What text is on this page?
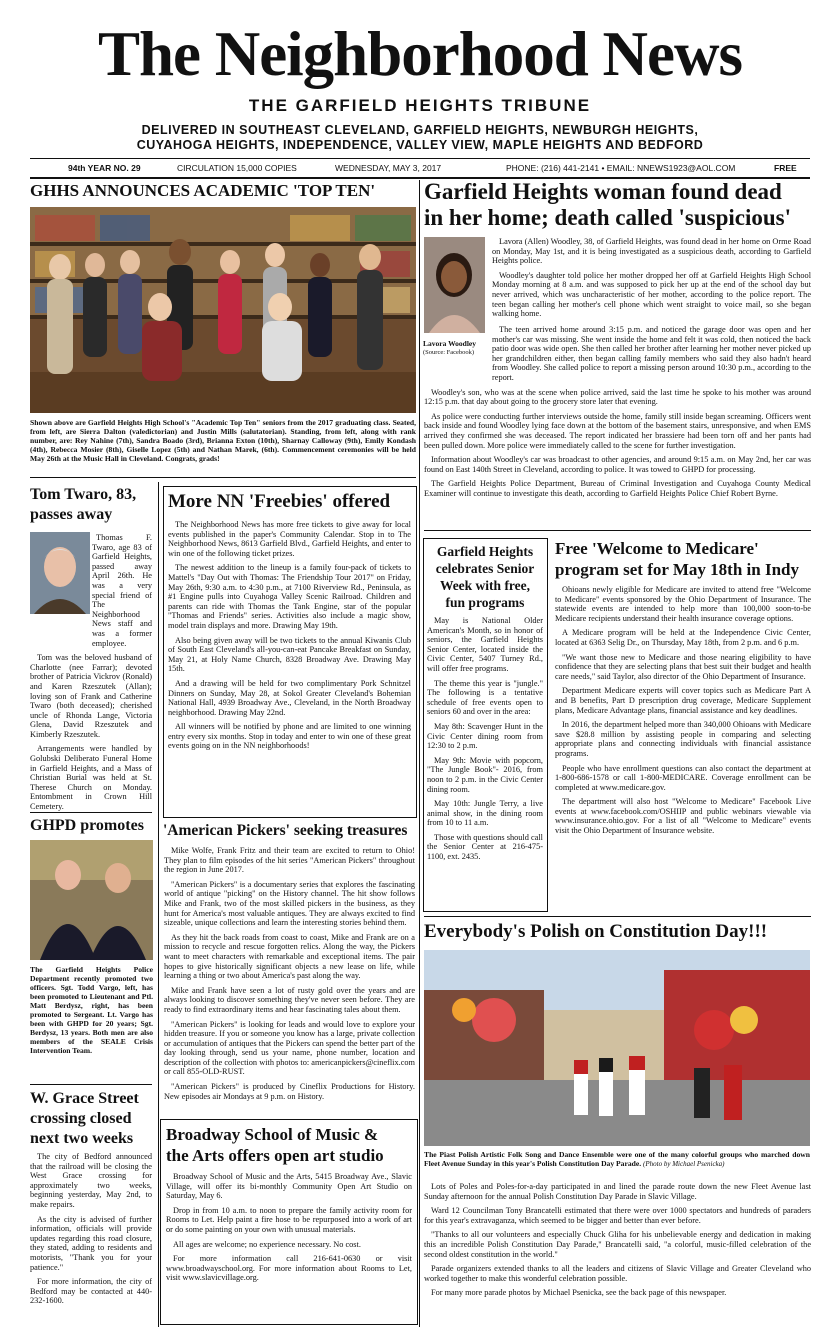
The Neighborhood News
THE GARFIELD HEIGHTS TRIBUNE
DELIVERED IN SOUTHEAST CLEVELAND, GARFIELD HEIGHTS, NEWBURGH HEIGHTS,
CUYAHOGA HEIGHTS, INDEPENDENCE, VALLEY VIEW, MAPLE HEIGHTS AND BEDFORD
94th YEAR NO. 29	CIRCULATION 15,000 COPIES	WEDNESDAY, MAY 3, 2017	PHONE: (216) 441-2141 • EMAIL: NNEWS1923@AOL.COM	FREE
GHHS ANNOUNCES ACADEMIC 'TOP TEN'
Shown above are Garfield Heights High School's "Academic Top Ten" seniors from the 2017 graduating class. Seated, from left, are Sierra Dalton (valedictorian) and Justin Mills (salutatorian). Standing, from left, along with rank number, are: Rey Nahine (7th), Sandra Boado (3rd), Brianna Exton (10th), Sharnay Calloway (9th), Emily Kondash (4th), Rebecca Mosier (8th), Giselle Lopez (5th) and Nathan Marek, (6th). Commencement ceremonies will be held May 26th at the Music Hall in Cleveland. Congrats, grads!
Garfield Heights woman found dead
in her home; death called 'suspicious'
Lavora Woodley
(Source: Facebook)

Lavora (Allen) Woodley, 38, of Garfield Heights, was found dead in her home on Orme Road on Monday, May 1st, and it is being investigated as a suspicious death, according to Garfield Heights police.

Woodley's daughter told police her mother dropped her off at Garfield Heights High School Monday morning at 8 a.m. and was supposed to pick her up at the end of the school day but never arrived, which was uncharacteristic of her mother, according to the police report. The teen began calling her mother's cell phone which went straight to voice mail, so she began walking home.

The teen arrived home around 3:15 p.m. and noticed the garage door was open and her mother's car was missing. She went inside the home and felt it was cold, then noticed the back patio door was wide open. She then called her brother after learning her mother never picked up her grandchildren either, then began calling family members who said they also hadn't heard from Woodley. She called police to report a missing person around 10:30 p.m., according to the report.

Woodley's son, who was at the scene when police arrived, said the last time he spoke to his mother was around 12:15 p.m. that day about going to the grocery store later that evening.

As police were conducting further interviews outside the home, family still inside began screaming. Officers went back inside and found Woodley lying face down at the bottom of the basement stairs, unresponsive, and when EMS arrived they confirmed she was deceased. The report indicated her brassiere had been torn off and her pants had been pulled down. More police were immediately called to the scene for further investigation.

Information about Woodley's car was broadcast to other agencies, and around 9:15 a.m. on May 2nd, her car was found on East 140th Street in Cleveland, according to police. It was towed to GHPD for processing.

The Garfield Heights Police Department, Bureau of Criminal Investigation and Cuyahoga County Medical Examiner will continue to investigate this death, according to Garfield Heights Police Chief Robert Byrne.

Tom Twaro, 83,
passes away

Thomas F. Twaro, age 83 of Garfield Heights, passed away April 26th. He was a very special friend of The Neighborhood News staff and was a former employee.

Tom was the beloved husband of Charlotte (nee Farrar); devoted brother of Patricia Vickrov (Ronald) and Karen Rzeszutek (Allan); loving son of Frank and Catherine Twaro (both deceased); cherished uncle of Rhonda Lange, Victoria Glena, David Rzeszutek and Kimberly Rzeszutek.

Arrangements were handled by Golubski Deliberato Funeral Home in Garfield Heights, and a Mass of Christian Burial was held at St. Therese Church on Monday. Entombment in Crown Hill Cemetery.

GHPD promotes
The Garfield Heights Police Department recently promoted two officers. Sgt. Todd Vargo, left, has been promoted to Lieutenant and Ptl. Matt Berdysz, right, has been promoted to Sergeant. Lt. Vargo has been with GHPD for 20 years; Sgt. Berdysz, 13 years. Both men are also members of the SEALE Crisis Intervention Team.
W. Grace Street
crossing closed
next two weeks

The city of Bedford announced that the railroad will be closing the West Grace crossing for approximately two weeks, beginning yesterday, May 2nd, to make repairs.

As the city is advised of further information, officials will provide updates regarding this road closure, they stated, adding to residents and motorists, "Thank you for your patience."

For more information, the city of Bedford may be contacted at 440-232-1600.

More NN 'Freebies' offered

The Neighborhood News has more free tickets to give away for local events published in the paper's Community Calendar. Stop in to The Neighborhood News, 8613 Garfield Blvd., Garfield Heights, and enter to win one of the following ticket prizes.

The newest addition to the lineup is a family four-pack of tickets to Mattel's "Day Out with Thomas: The Friendship Tour 2017" on Friday, May 26th, 9:30 a.m. to 4:30 p.m., at 7100 Riverview Rd., Peninsula, as #1 Engine pulls into Cuyahoga Valley Scenic Railroad. Children and parents can ride with Thomas the Tank Engine, star of the popular "Thomas and Friends" series. Activities also include a magic show, model train displays and more. Drawing May 19th.

Also being given away will be two tickets to the annual Kiwanis Club of South East Cleveland's all-you-can-eat Pancake Breakfast on Sunday, May 21, at Holy Name Church, 8328 Broadway Ave. Drawing May 15th.

And a drawing will be held for two complimentary Pork Schnitzel Dinners on Sunday, May 28, at Sokol Greater Cleveland's Bohemian National Hall, 4939 Broadway Ave., Cleveland, in the North Broadway neighborhood. Drawing May 22nd.

All winners will be notified by phone and are limited to one winning entry every six months. Stop in today and enter to win one of these great events going on in the NN neighborhoods!

'American Pickers' seeking treasures

Mike Wolfe, Frank Fritz and their team are excited to return to Ohio! They plan to film episodes of the hit series "American Pickers" throughout the region in June 2017.

"American Pickers" is a documentary series that explores the fascinating world of antique "picking" on the History channel. The hit show follows Mike and Frank, two of the most skilled pickers in the business, as they hunt for America's most valuable antiques. They are always excited to find sizeable, unique collections and learn the interesting stories behind them.

As they hit the back roads from coast to coast, Mike and Frank are on a mission to recycle and rescue forgotten relics. Along the way, the Pickers want to meet characters with remarkable and exceptional items. The pair hopes to give historically significant objects a new lease on life, while learning a thing or two about America's past along the way.

Mike and Frank have seen a lot of rusty gold over the years and are always looking to discover something they've never seen before. They are ready to find extraordinary items and hear fascinating tales about them.

"American Pickers" is looking for leads and would love to explore your hidden treasure. If you or someone you know has a large, private collection or accumulation of antiques that the Pickers can spend the better part of the day looking through, send us your name, phone number, location and description of the collection with photos to: americanpickers@cineflix.com or call 855-OLD-RUST.

"American Pickers" is produced by Cineflix Productions for History. New episodes air Mondays at 9 p.m. on History.

Broadway School of Music &
the Arts offers open art studio

Broadway School of Music and the Arts, 5415 Broadway Ave., Slavic Village, will offer its bi-monthly Community Open Art Studio on Saturday, May 6.

Drop in from 10 a.m. to noon to prepare the family activity room for Rooms to Let. Help paint a fire hose to be repurposed into a work of art or do some painting on your own with unusual materials.

All ages are welcome; no experience necessary. No cost.

For more information call 216-641-0630 or visit www.broadwayschool.org. For more information about Rooms to Let, visit www.slavicvillage.org.

Garfield Heights
celebrates Senior
Week with free,
fun programs

May is National Older American's Month, so in honor of seniors, the Garfield Heights Senior Center, located inside the Civic Center, 5407 Turney Rd., will offer free programs.

The theme this year is "jungle." The following is a tentative schedule of free events open to seniors 60 and over in the area:

May 8th: Scavenger Hunt in the Civic Center dining room from 12:30 to 2 p.m.

May 9th: Movie with popcorn, "The Jungle Book"- 2016, from noon to 2 p.m. in the Civic Center dining room.

May 10th: Jungle Terry, a live animal show, in the dining room from 10 to 11 a.m.

Those with questions should call the Senior Center at 216-475-1100, ext. 2435.

Free 'Welcome to Medicare'
program set for May 18th in Indy

Ohioans newly eligible for Medicare are invited to attend free "Welcome to Medicare" events sponsored by the Ohio Department of Insurance. The statewide events are intended to help more than 100,000 soon-to-be Medicare recipients understand their health insurance coverage options.

A Medicare program will be held at the Independence Civic Center, located at 6363 Selig Dr., on Thursday, May 18th, from 2 p.m. and 6 p.m.

"We want those new to Medicare and those nearing eligibility to have confidence that they are selecting plans that best suit their budget and health care needs," said Taylor, also director of the Ohio Department of Insurance.

Department Medicare experts will cover topics such as Medicare Part A and B benefits, Part D prescription drug coverage, Medicare Supplement plans, Medicare Advantage plans, financial assistance and key deadlines.

In 2016, the department helped more than 340,000 Ohioans with Medicare save $28.8 million by assisting people in comparing and selecting appropriate plans and connecting individuals with financial assistance programs.

People who have enrollment questions can also contact the department at 1-800-686-1578 or call 1-800-MEDICARE. Coverage enrollment can be completed at www.medicare.gov.

The department will also host "Welcome to Medicare" Facebook Live events at www.facebook.com/OSHIIP and public webinars viewable via www.insurance.ohio.gov. For a list of all "Welcome to Medicare" events visit the Ohio Department of Insurance website.

Everybody's Polish on Constitution Day!!!
The Piast Polish Artistic Folk Song and Dance Ensemble were one of the many colorful groups who marched down Fleet Avenue Sunday in this year's Polish Constitution Day Parade. (Photo by Michael Psenicka)

Lots of Poles and Poles-for-a-day participated in and lined the parade route down the new Fleet Avenue last Sunday afternoon for the annual Polish Constitution Day Parade in Slavic Village.

Ward 12 Councilman Tony Brancatelli estimated that there were over 1000 spectators and hundreds of paraders for this year's extravaganza, which seemed to be bigger and better than ever before.

"Thanks to all our volunteers and especially Chuck Gliha for his unbelievable energy and dedication in making this an incredible Polish Constitution Day Parade," Brancatelli said, "a colorful, music-filled celebration of the second oldest constitution in the world."

Parade organizers extended thanks to all the leaders and citizens of Slavic Village and Greater Cleveland who worked together to make this wonderful celebration possible.

For many more parade photos by Michael Psenicka, see the back page of this newspaper.
